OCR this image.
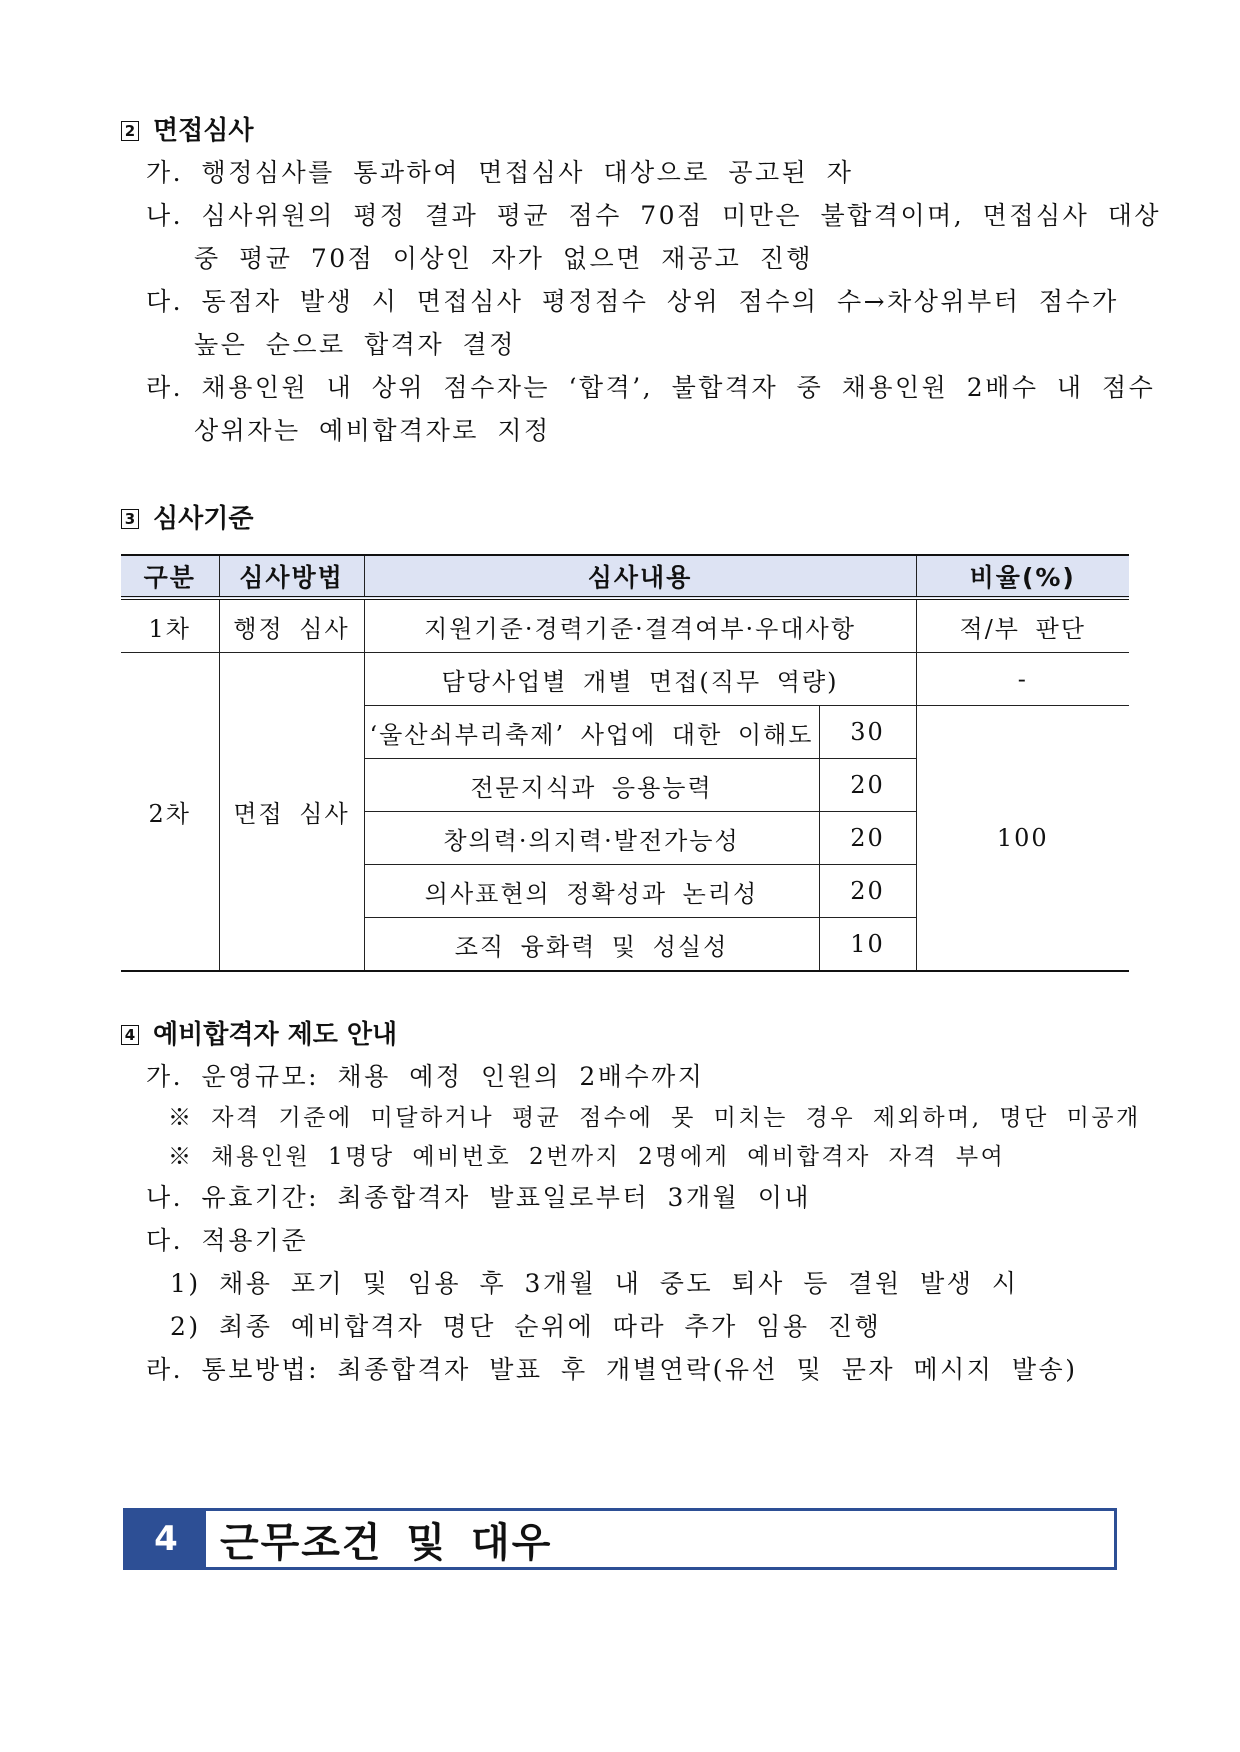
2 면접심사
가. 행정심사를 통과하여 면접심사 대상으로 공고된 자
나. 심사위원의 평정 결과 평균 점수 70점 미만은 불합격이며, 면접심사 대상
중 평균 70점 이상인 자가 없으면 재공고 진행
다. 동점자 발생 시 면접심사 평정점수 상위 점수의 수→차상위부터 점수가
높은 순으로 합격자 결정
라. 채용인원 내 상위 점수자는 ‘합격’, 불합격자 중 채용인원 2배수 내 점수
상위자는 예비합격자로 지정
3 심사기준
구분	심사방법	심사내용		비율(%)
1차	행정 심사	지원기준·경력기준·결격여부·우대사항		적/부 판단
2차	면접 심사	담당사업별 개별 면접(직무 역량)		-
		‘울산쇠부리축제’ 사업에 대한 이해도	30	100
		전문지식과 응용능력	20	
		창의력·의지력·발전가능성	20	
		의사표현의 정확성과 논리성	20	
		조직 융화력 및 성실성	10	
4 예비합격자 제도 안내
가. 운영규모: 채용 예정 인원의 2배수까지
※ 자격 기준에 미달하거나 평균 점수에 못 미치는 경우 제외하며, 명단 미공개
※ 채용인원 1명당 예비번호 2번까지 2명에게 예비합격자 자격 부여
나. 유효기간: 최종합격자 발표일로부터 3개월 이내
다. 적용기준
1) 채용 포기 및 임용 후 3개월 내 중도 퇴사 등 결원 발생 시
2) 최종 예비합격자 명단 순위에 따라 추가 임용 진행
라. 통보방법: 최종합격자 발표 후 개별연락(유선 및 문자 메시지 발송)
4	근무조건 및 대우
